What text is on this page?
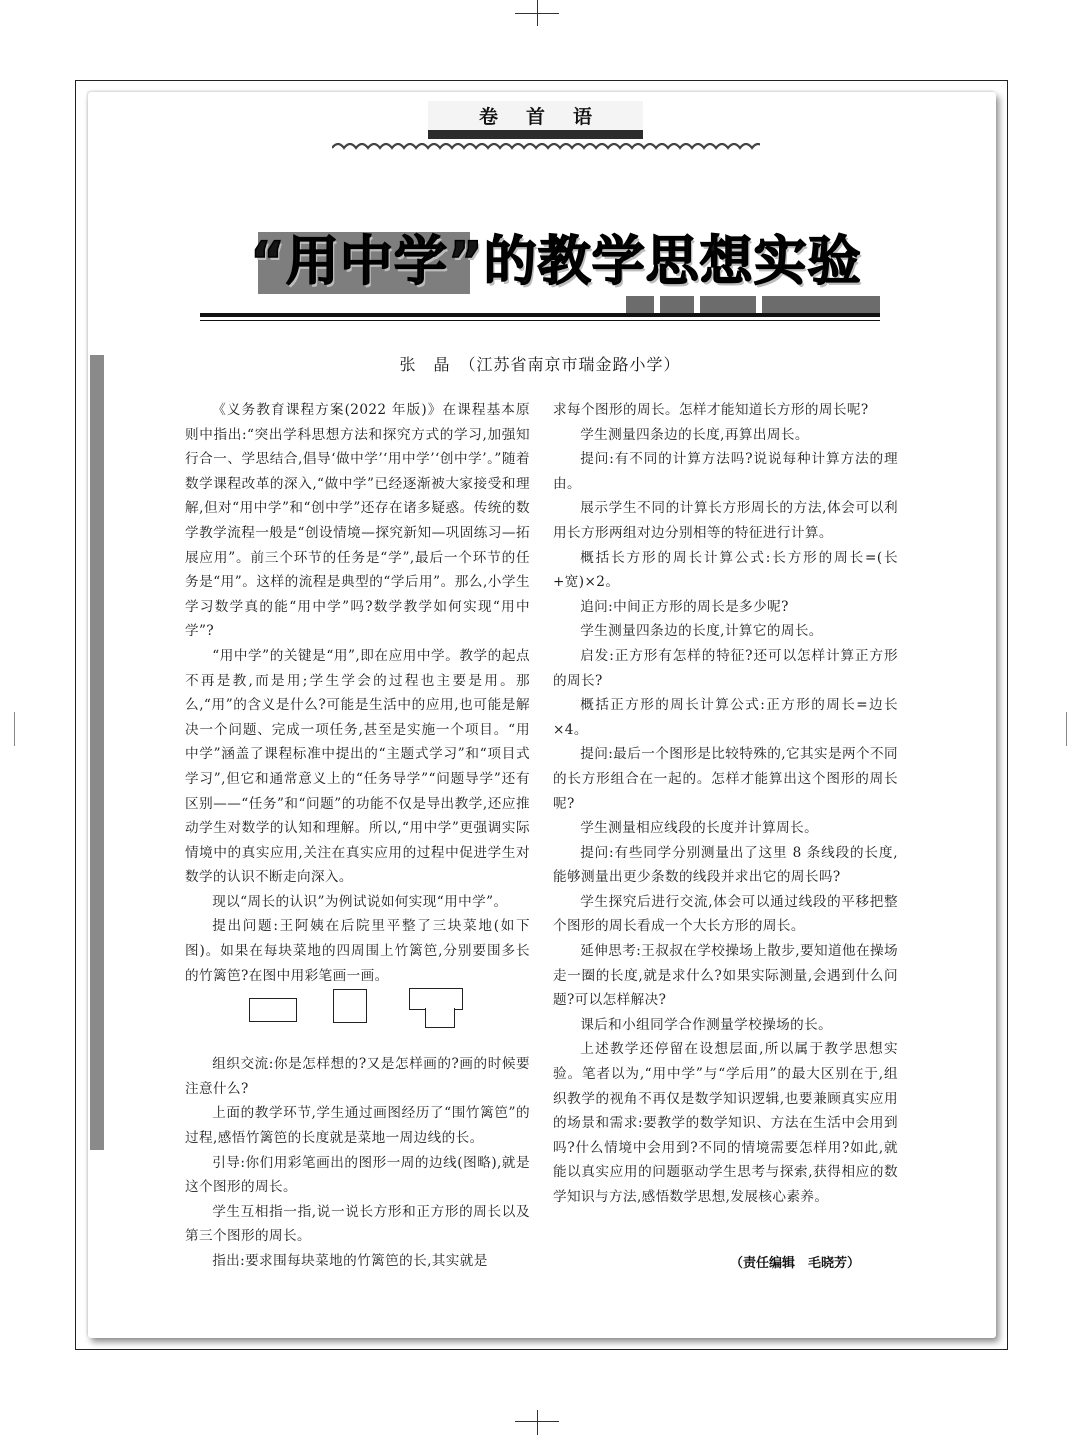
卷 首 语
“用中学”的教学思想实验
张　晶　（江苏省南京市瑞金路小学）

《义务教育课程方案(2022 年版)》在课程基本原则中指出:“突出学科思想方法和探究方式的学习,加强知行合一、学思结合,倡导‘做中学’‘用中学’‘创中学’。”随着数学课程改革的深入,“做中学”已经逐渐被大家接受和理解,但对“用中学”和“创中学”还存在诸多疑惑。传统的数学教学流程一般是“创设情境—探究新知—巩固练习—拓展应用”。前三个环节的任务是“学”,最后一个环节的任务是“用”。这样的流程是典型的“学后用”。那么,小学生学习数学真的能“用中学”吗?数学教学如何实现“用中学”?

“用中学”的关键是“用”,即在应用中学。教学的起点不再是教,而是用;学生学会的过程也主要是用。那么,“用”的含义是什么?可能是生活中的应用,也可能是解决一个问题、完成一项任务,甚至是实施一个项目。“用中学”涵盖了课程标准中提出的“主题式学习”和“项目式学习”,但它和通常意义上的“任务导学”“问题导学”还有区别——“任务”和“问题”的功能不仅是导出教学,还应推动学生对数学的认知和理解。所以,“用中学”更强调实际情境中的真实应用,关注在真实应用的过程中促进学生对数学的认识不断走向深入。

现以“周长的认识”为例试说如何实现“用中学”。

提出问题:王阿姨在后院里平整了三块菜地(如下图)。如果在每块菜地的四周围上竹篱笆,分别要围多长的竹篱笆?在图中用彩笔画一画。

组织交流:你是怎样想的?又是怎样画的?画的时候要注意什么?

上面的教学环节,学生通过画图经历了“围竹篱笆”的过程,感悟竹篱笆的长度就是菜地一周边线的长。

引导:你们用彩笔画出的图形一周的边线(图略),就是这个图形的周长。

学生互相指一指,说一说长方形和正方形的周长以及第三个图形的周长。

指出:要求围每块菜地的竹篱笆的长,其实就是

求每个图形的周长。怎样才能知道长方形的周长呢?

学生测量四条边的长度,再算出周长。

提问:有不同的计算方法吗?说说每种计算方法的理由。

展示学生不同的计算长方形周长的方法,体会可以利用长方形两组对边分别相等的特征进行计算。

概括长方形的周长计算公式:长方形的周长=(长+宽)×2。

追问:中间正方形的周长是多少呢?

学生测量四条边的长度,计算它的周长。

启发:正方形有怎样的特征?还可以怎样计算正方形的周长?

概括正方形的周长计算公式:正方形的周长=边长×4。

提问:最后一个图形是比较特殊的,它其实是两个不同的长方形组合在一起的。怎样才能算出这个图形的周长呢?

学生测量相应线段的长度并计算周长。

提问:有些同学分别测量出了这里 8 条线段的长度,能够测量出更少条数的线段并求出它的周长吗?

学生探究后进行交流,体会可以通过线段的平移把整个图形的周长看成一个大长方形的周长。

延伸思考:王叔叔在学校操场上散步,要知道他在操场走一圈的长度,就是求什么?如果实际测量,会遇到什么问题?可以怎样解决?

课后和小组同学合作测量学校操场的长。

上述教学还停留在设想层面,所以属于教学思想实验。笔者以为,“用中学”与“学后用”的最大区别在于,组织教学的视角不再仅是数学知识逻辑,也要兼顾真实应用的场景和需求:要教学的数学知识、方法在生活中会用到吗?什么情境中会用到?不同的情境需要怎样用?如此,就能以真实应用的问题驱动学生思考与探索,获得相应的数学知识与方法,感悟数学思想,发展核心素养。

（责任编辑　毛晓芳）
